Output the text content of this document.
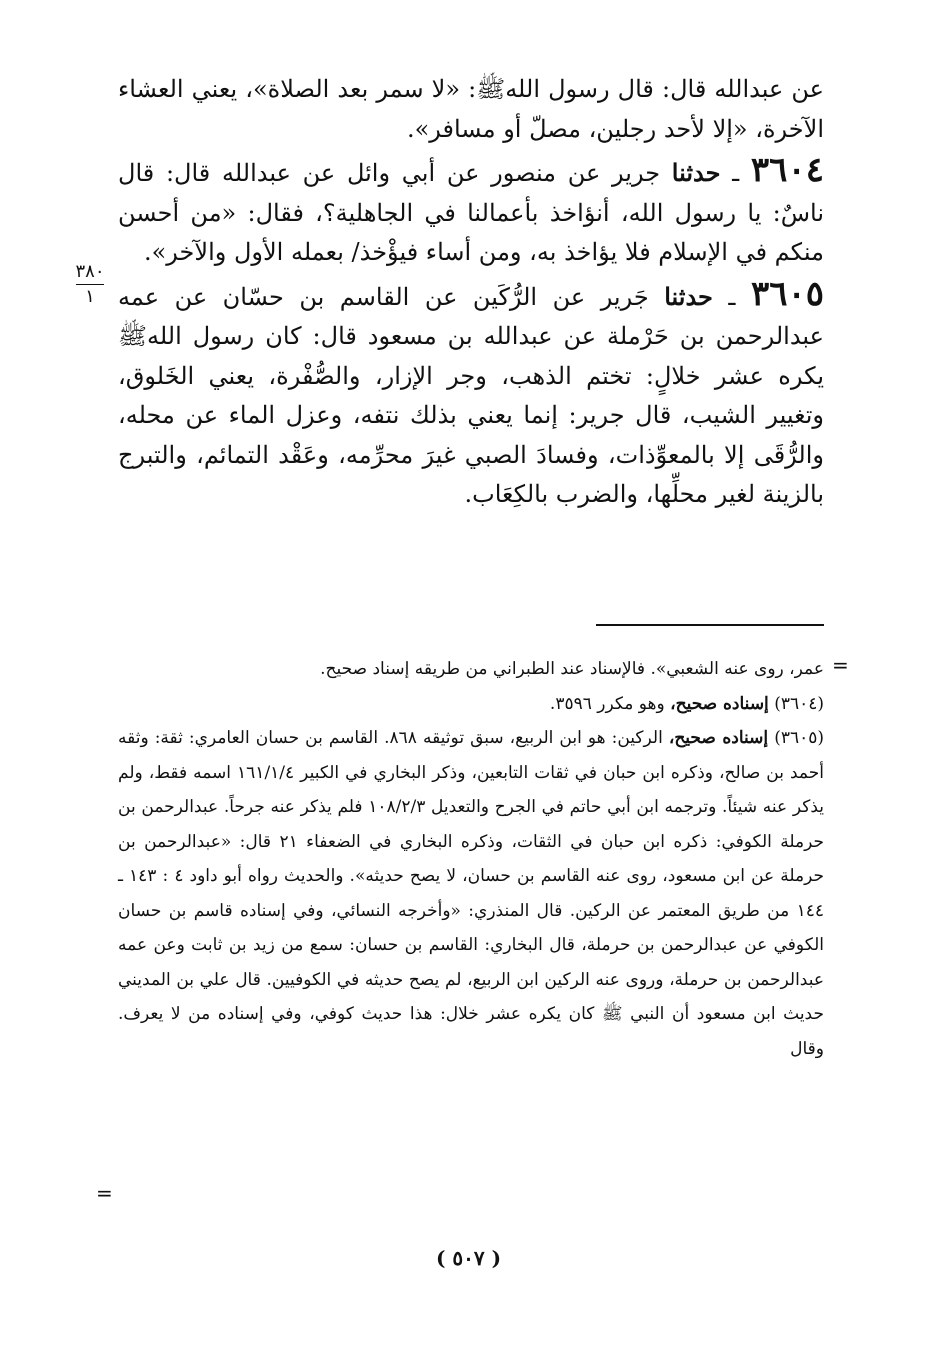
عن عبدالله قال: قال رسول اللهﷺ: «لا سمر بعد الصلاة»، يعني العشاء الآخرة، «إلا لأحد رجلين، مصلّ أو مسافر».

٣٦٠٤ ـ حدثنا جرير عن منصور عن أبي وائل عن عبدالله قال: قال ناسٌ: يا رسول الله، أنؤاخذ بأعمالنا في الجاهلية؟، فقال: «من أحسن منكم في الإسلام فلا يؤاخذ به، ومن أساء فيؤْخذ/ بعمله الأول والآخر».

٣٦٠٥ ـ حدثنا جَرير عن الرُّكَين عن القاسم بن حسّان عن عمه عبدالرحمن بن حَرْملة عن عبدالله بن مسعود قال: كان رسول اللهﷺ يكره عشر خلالٍ: تختم الذهب، وجر الإزار، والصُّفْرة، يعني الخَلوق، وتغيير الشيب، قال جرير: إنما يعني بذلك نتفه، وعزل الماء عن محله، والرُّقَى إلا بالمعوِّذات، وفسادَ الصبي غيرَ محرِّمه، وعَقْد التمائم، والتبرج بالزينة لغير محلِّها، والضرب بالكِعَاب.

٣٨٠
١
=

عمر، روى عنه الشعبي». فالإسناد عند الطبراني من طريقه إسناد صحيح.

(٣٦٠٤) إسناده صحيح، وهو مكرر ٣٥٩٦.

(٣٦٠٥) إسناده صحيح، الركين: هو ابن الربيع، سبق توثيقه ٨٦٨. القاسم بن حسان العامري: ثقة: وثقه أحمد بن صالح، وذكره ابن حبان في ثقات التابعين، وذكر البخاري في الكبير ١٦١/١/٤ اسمه فقط، ولم يذكر عنه شيئاً. وترجمه ابن أبي حاتم في الجرح والتعديل ١٠٨/٢/٣ فلم يذكر عنه جرحاً. عبدالرحمن بن حرملة الكوفي: ذكره ابن حبان في الثقات، وذكره البخاري في الضعفاء ٢١ قال: «عبدالرحمن بن حرملة عن ابن مسعود، روى عنه القاسم بن حسان، لا يصح حديثه». والحديث رواه أبو داود ٤ : ١٤٣ ـ ١٤٤ من طريق المعتمر عن الركين. قال المنذري: «وأخرجه النسائي، وفي إسناده قاسم بن حسان الكوفي عن عبدالرحمن بن حرملة، قال البخاري: القاسم بن حسان: سمع من زيد بن ثابت وعن عمه عبدالرحمن بن حرملة، وروى عنه الركين ابن الربيع، لم يصح حديثه في الكوفيين. قال علي بن المديني حديث ابن مسعود أن النبي ﷺ كان يكره عشر خلال: هذا حديث كوفي، وفي إسناده من لا يعرف. وقال

=
( ٥٠٧ )
